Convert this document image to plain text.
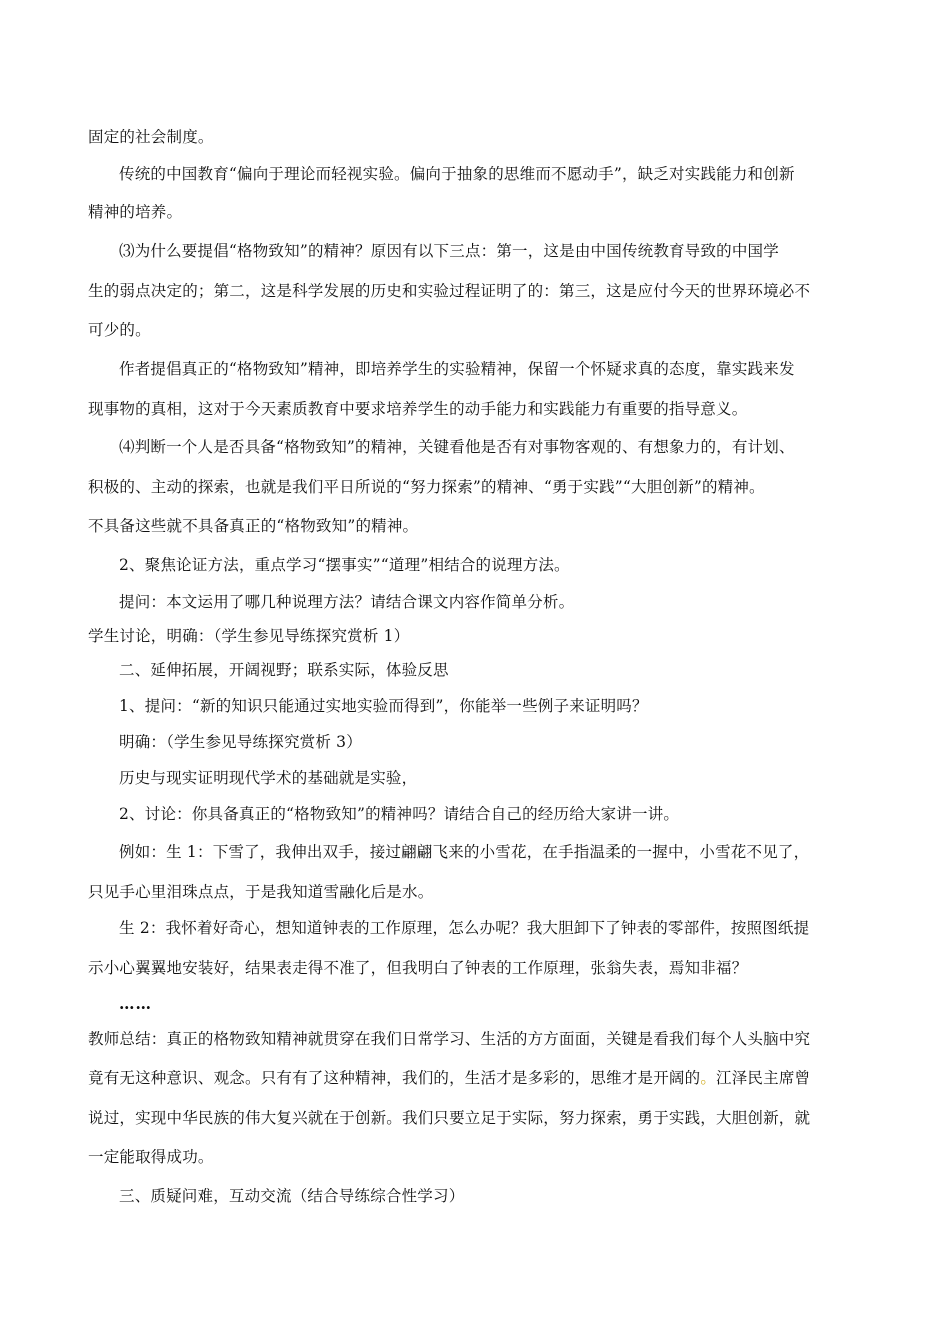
固定的社会制度。
传统的中国教育“偏向于理论而轻视实验。偏向于抽象的思维而不愿动手”，缺乏对实践能力和创新
精神的培养。
⑶为什么要提倡“格物致知”的精神？原因有以下三点：第一，这是由中国传统教育导致的中国学
生的弱点决定的；第二，这是科学发展的历史和实验过程证明了的：第三，这是应付今天的世界环境必不
可少的。
作者提倡真正的“格物致知”精神，即培养学生的实验精神，保留一个怀疑求真的态度，靠实践来发
现事物的真相，这对于今天素质教育中要求培养学生的动手能力和实践能力有重要的指导意义。
⑷判断一个人是否具备“格物致知”的精神，关键看他是否有对事物客观的、有想象力的，有计划、
积极的、主动的探索，也就是我们平日所说的“努力探索”的精神、“勇于实践”“大胆创新”的精神。
不具备这些就不具备真正的“格物致知”的精神。
2、聚焦论证方法，重点学习“摆事实”“道理”相结合的说理方法。
提问：本文运用了哪几种说理方法？请结合课文内容作简单分析。
学生讨论，明确：（学生参见导练探究赏析 1）
二、延伸拓展，开阔视野；联系实际，体验反思
1、提问：“新的知识只能通过实地实验而得到”，你能举一些例子来证明吗？
明确：（学生参见导练探究赏析 3）
历史与现实证明现代学术的基础就是实验，
2、讨论：你具备真正的“格物致知”的精神吗？请结合自己的经历给大家讲一讲。
例如：生 1：下雪了，我伸出双手，接过翩翩飞来的小雪花，在手指温柔的一握中，小雪花不见了，
只见手心里泪珠点点，于是我知道雪融化后是水。
生 2：我怀着好奇心，想知道钟表的工作原理，怎么办呢？我大胆卸下了钟表的零部件，按照图纸提
示小心翼翼地安装好，结果表走得不准了，但我明白了钟表的工作原理，张翁失表，焉知非福？
……
教师总结：真正的格物致知精神就贯穿在我们日常学习、生活的方方面面，关键是看我们每个人头脑中究
竟有无这种意识、观念。只有有了这种精神，我们的，生活才是多彩的，思维才是开阔的。江泽民主席曾
说过，实现中华民族的伟大复兴就在于创新。我们只要立足于实际，努力探索，勇于实践，大胆创新，就
一定能取得成功。
三、质疑问难，互动交流（结合导练综合性学习）
